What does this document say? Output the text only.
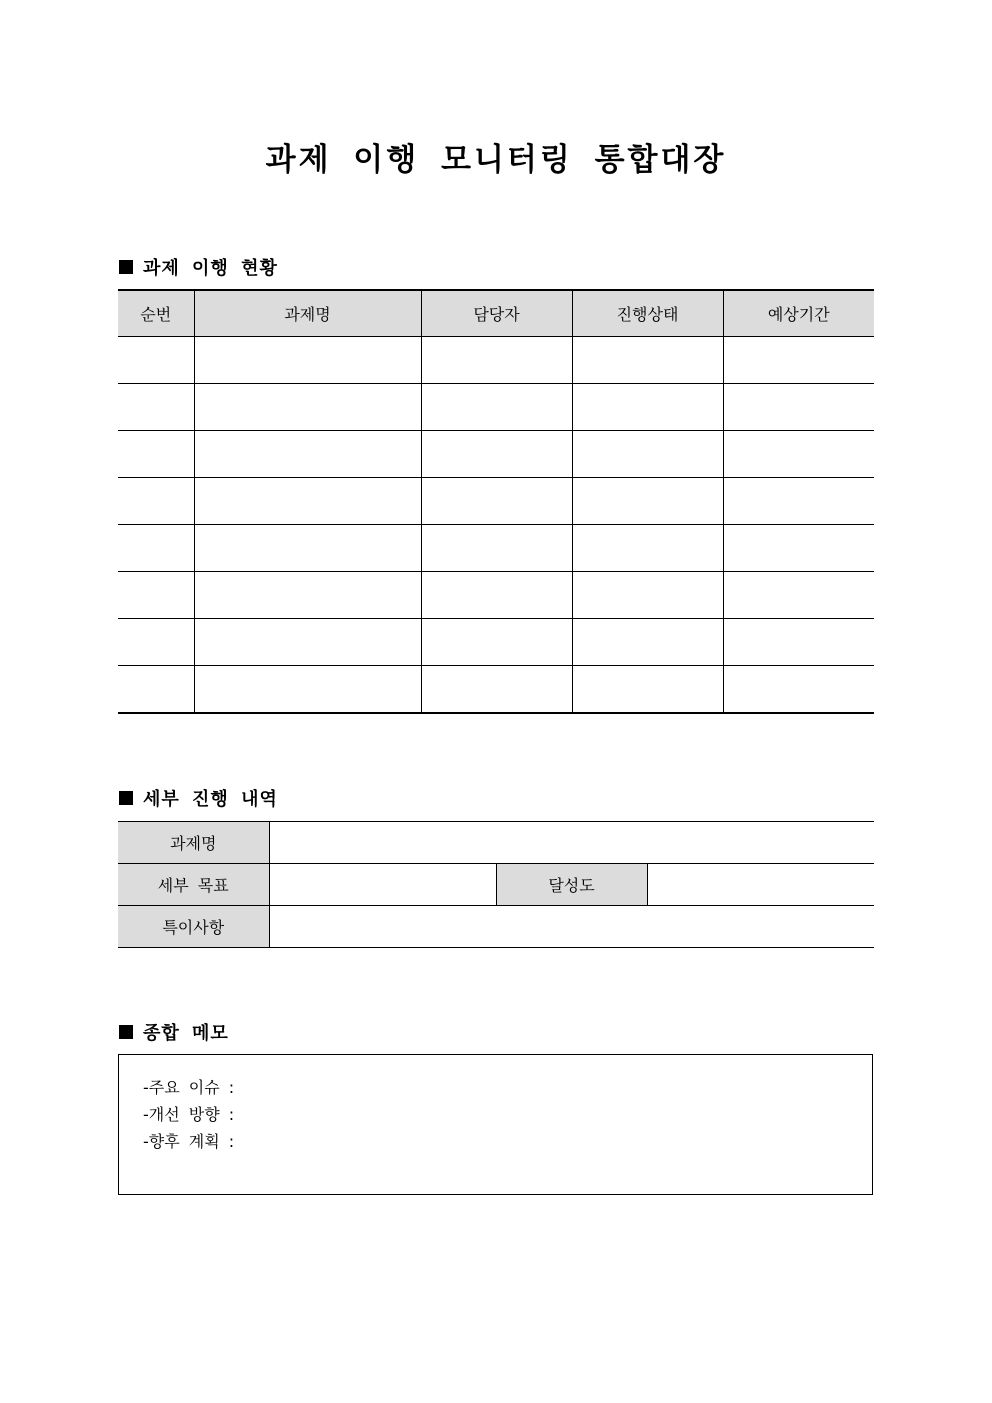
과제 이행 모니터링 통합대장
과제 이행 현황
순번	과제명	담당자	진행상태	예상기간

세부 진행 내역
과제명			
세부 목표		달성도	
특이사항			
종합 메모
-주요 이슈 :
-개선 방향 :
-향후 계획 :
